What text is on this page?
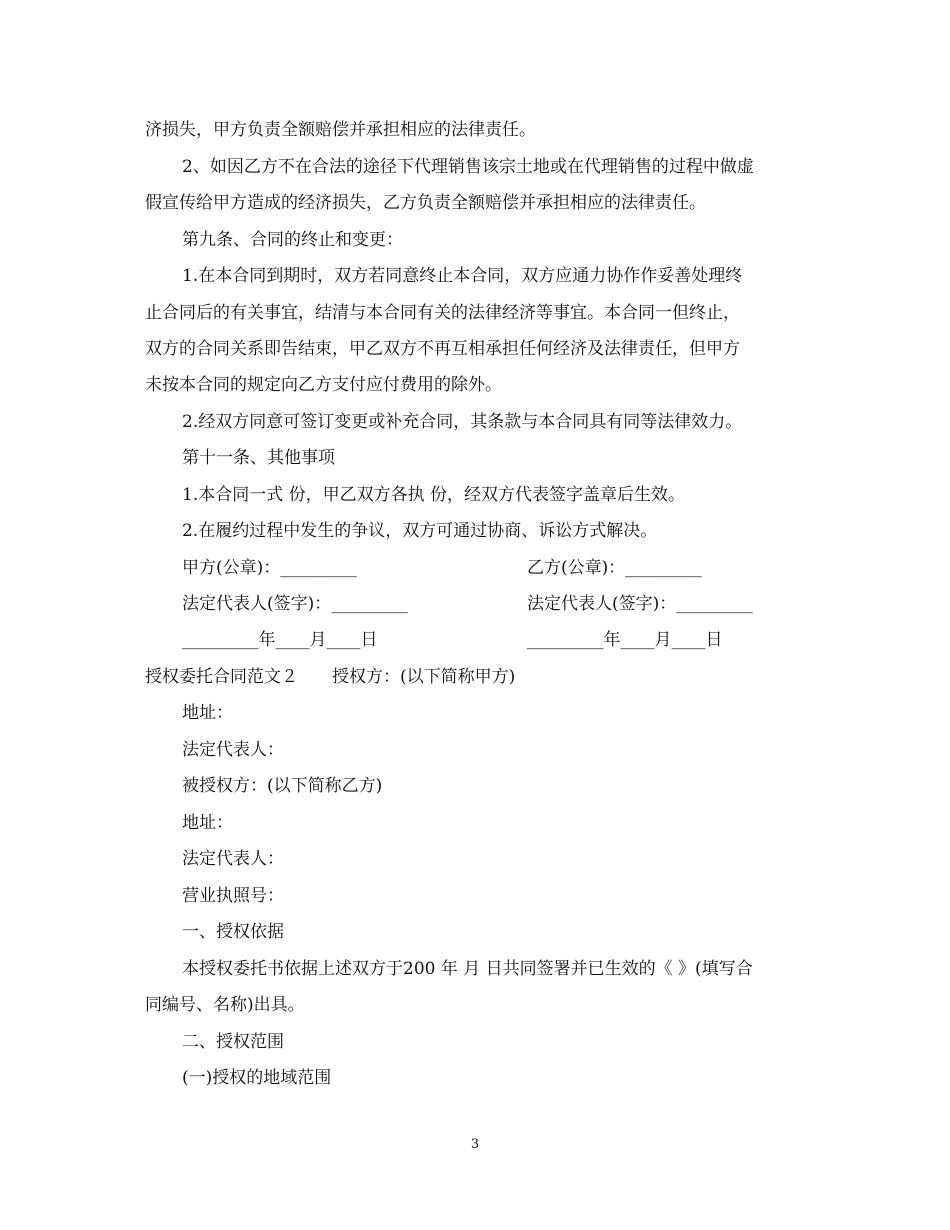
济损失，甲方负责全额赔偿并承担相应的法律责任。
2、如因乙方不在合法的途径下代理销售该宗土地或在代理销售的过程中做虚
假宣传给甲方造成的经济损失，乙方负责全额赔偿并承担相应的法律责任。
第九条、合同的终止和变更：
1.在本合同到期时，双方若同意终止本合同，双方应通力协作作妥善处理终
止合同后的有关事宜，结清与本合同有关的法律经济等事宜。本合同一但终止，
双方的合同关系即告结束，甲乙双方不再互相承担任何经济及法律责任，但甲方
未按本合同的规定向乙方支付应付费用的除外。
2.经双方同意可签订变更或补充合同，其条款与本合同具有同等法律效力。
第十一条、其他事项
1.本合同一式 份，甲乙双方各执 份，经双方代表签字盖章后生效。
2.在履约过程中发生的争议，双方可通过协商、诉讼方式解决。
甲方(公章)：_________	乙方(公章)：_________
法定代表人(签字)：_________	法定代表人(签字)：_________
_________年____月____日	_________年____月____日
授权委托合同范文２　　授权方：(以下简称甲方)
地址：
法定代表人：
被授权方：(以下简称乙方)
地址：
法定代表人：
营业执照号：
一、授权依据
本授权委托书依据上述双方于200 年 月 日共同签署并已生效的《 》(填写合
同编号、名称)出具。
二、授权范围
(一)授权的地域范围
3
